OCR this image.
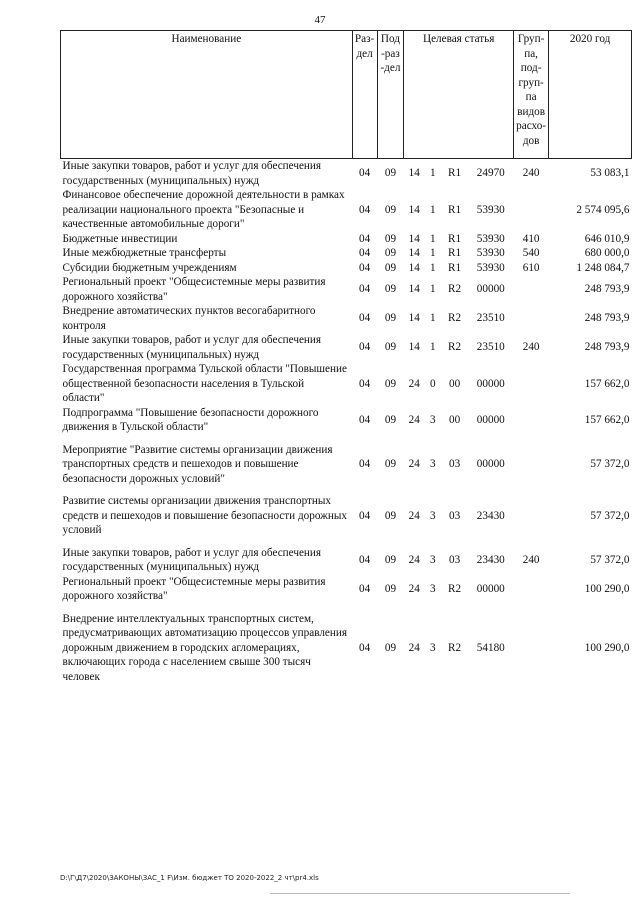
47
Наименование	Раз-дел	Под-раз-дел	Целевая статья				Груп-па, под-груп-па видов расхо-дов	2020 год
Иные закупки товаров, работ и услуг для обеспечения государственных (муниципальных) нужд	04	09	14	1	R1	24970	240	53 083,1
Финансовое обеспечение дорожной деятельности в рамках реализации национального проекта "Безопасные и качественные автомобильные дороги"	04	09	14	1	R1	53930		2 574 095,6
Бюджетные инвестиции	04	09	14	1	R1	53930	410	646 010,9
Иные межбюджетные трансферты	04	09	14	1	R1	53930	540	680 000,0
Субсидии бюджетным учреждениям	04	09	14	1	R1	53930	610	1 248 084,7
Региональный проект "Общесистемные меры развития дорожного хозяйства"	04	09	14	1	R2	00000		248 793,9
Внедрение автоматических пунктов весогабаритного контроля	04	09	14	1	R2	23510		248 793,9
Иные закупки товаров, работ и услуг для обеспечения государственных (муниципальных) нужд	04	09	14	1	R2	23510	240	248 793,9
Государственная программа Тульской области "Повышение общественной безопасности населения в Тульской области"	04	09	24	0	00	00000		157 662,0
Подпрограмма "Повышение безопасности дорожного движения в Тульской области"	04	09	24	3	00	00000		157 662,0
Мероприятие "Развитие системы организации движения транспортных средств и пешеходов и повышение безопасности дорожных условий"	04	09	24	3	03	00000		57 372,0
Развитие системы организации движения транспортных средств и пешеходов и повышение безопасности дорожных условий	04	09	24	3	03	23430		57 372,0
Иные закупки товаров, работ и услуг для обеспечения государственных (муниципальных) нужд	04	09	24	3	03	23430	240	57 372,0
Региональный проект "Общесистемные меры развития дорожного хозяйства"	04	09	24	3	R2	00000		100 290,0
Внедрение интеллектуальных транспортных систем, предусматривающих автоматизацию процессов управления дорожным движением в городских агломерациях, включающих города с населением свыше 300 тысяч человек	04	09	24	3	R2	54180		100 290,0
D:\Г\Д7\2020\ЗАКОНЫ\ЗАС_1 F\Изм. бюджет ТО 2020-2022_2 чт\pr4.xls
